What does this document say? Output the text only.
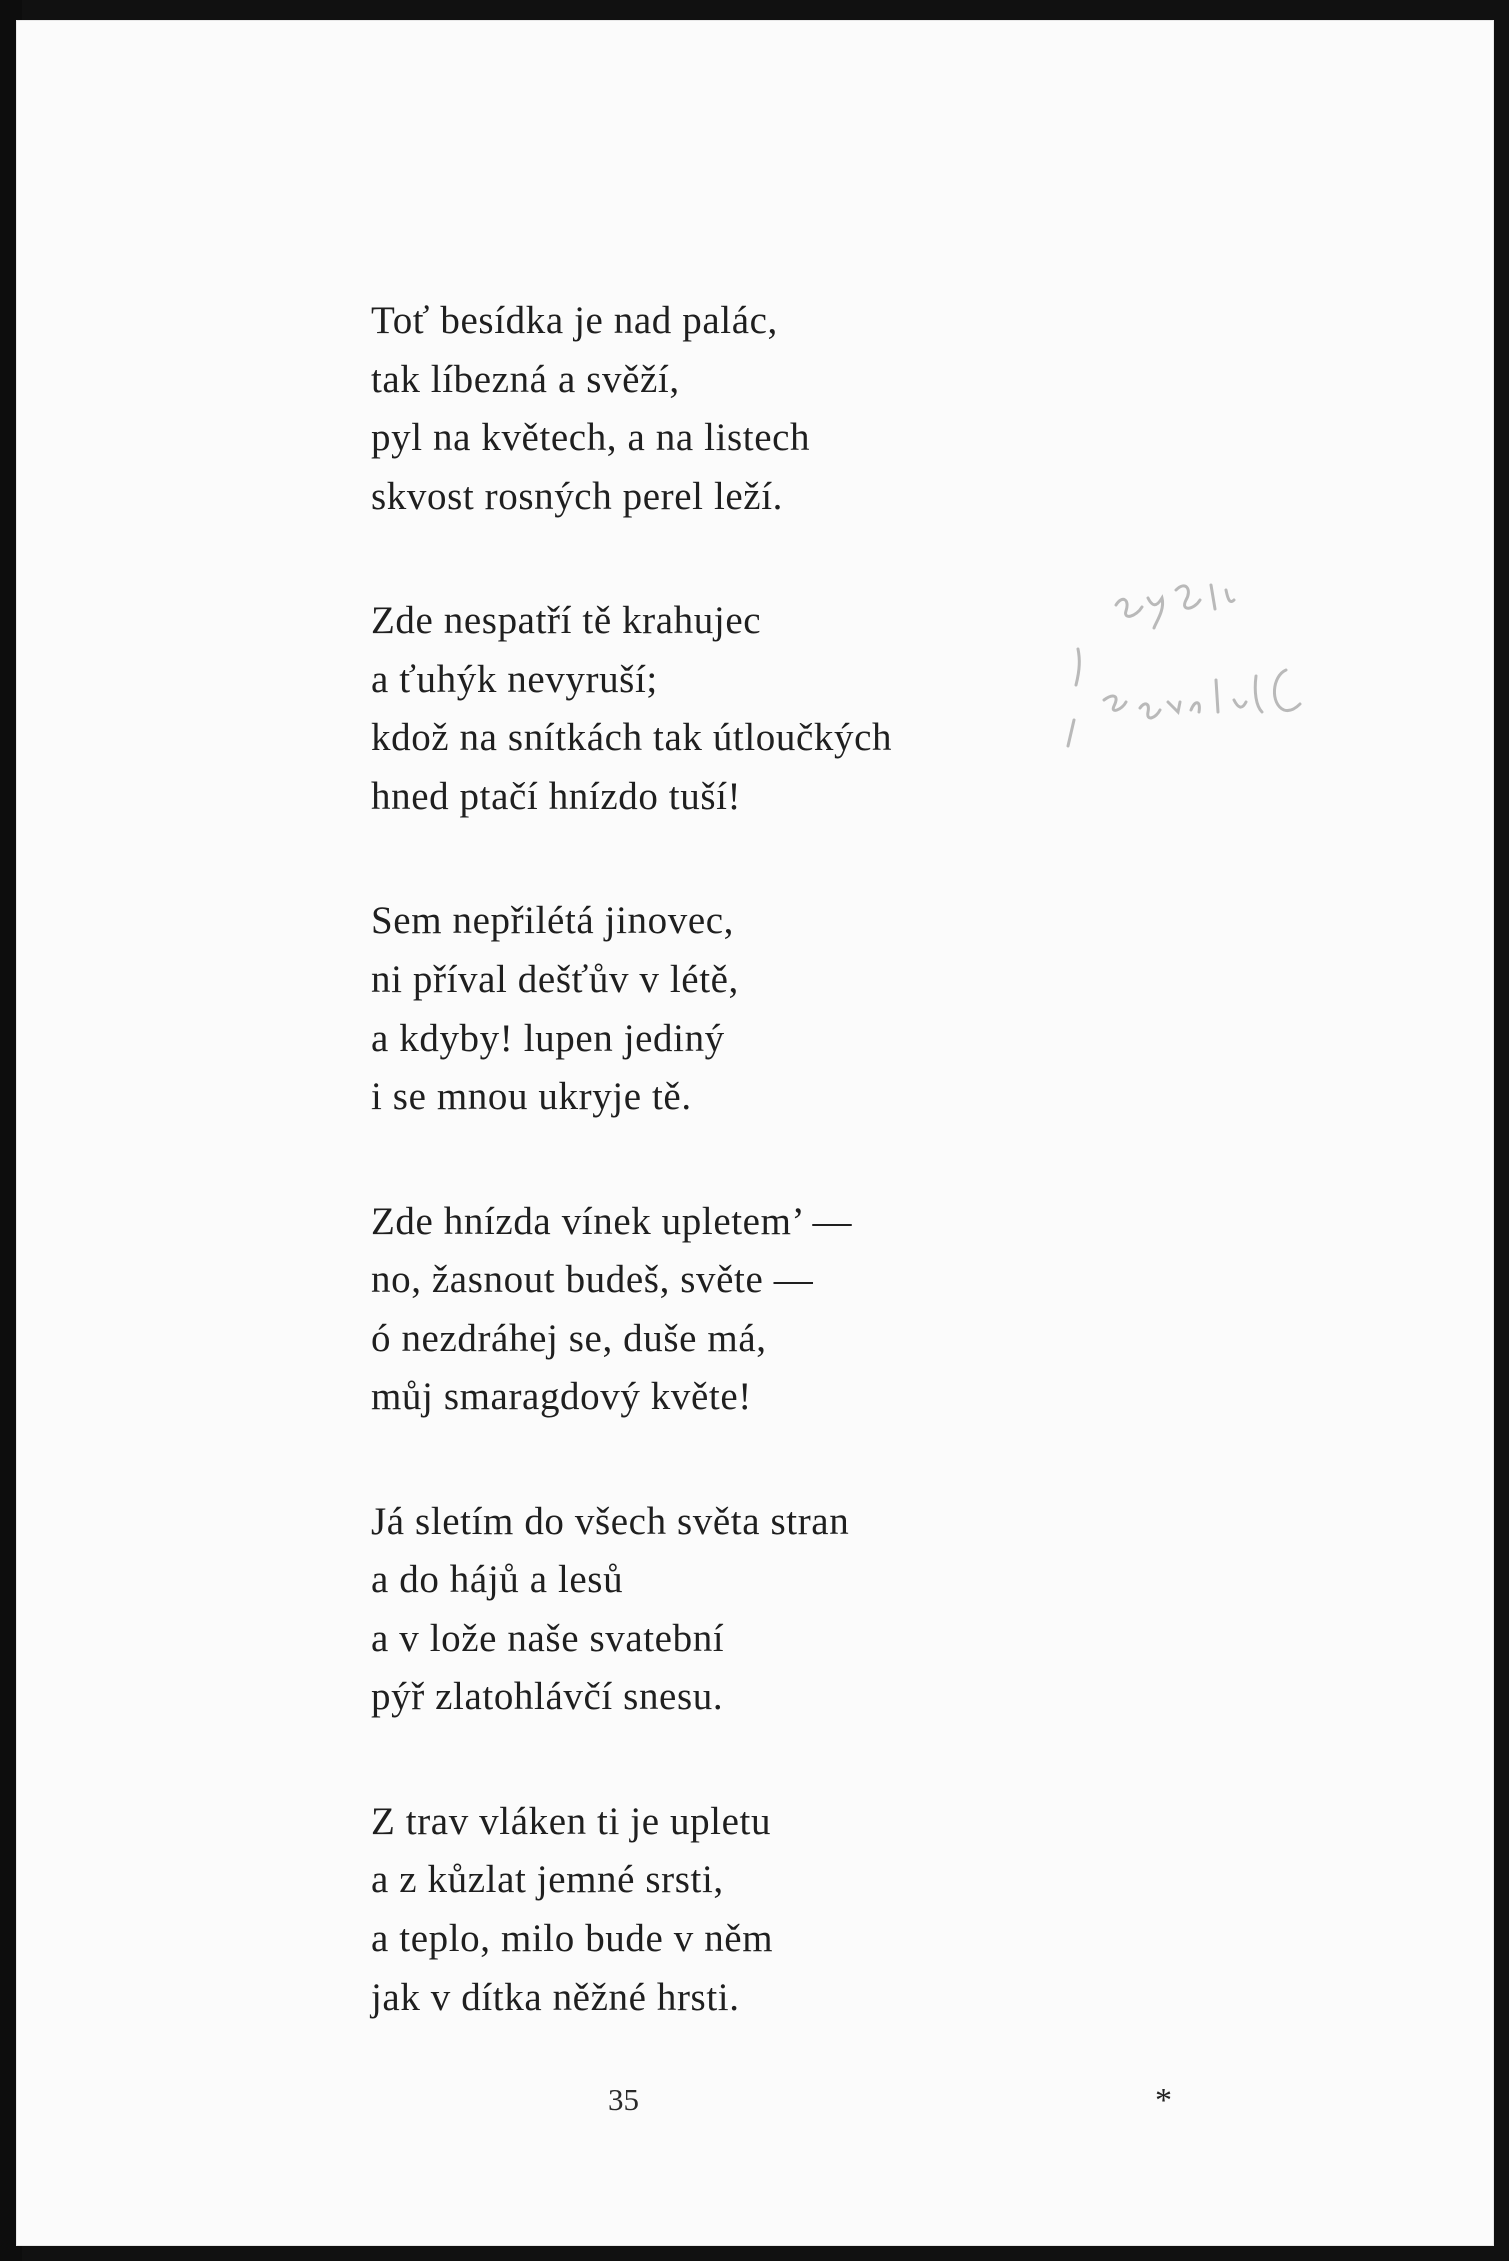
Toť besídka je nad palác,
tak líbezná a svěží,
pyl na květech, a na listech
skvost rosných perel leží.
Zde nespatří tě krahujec
a ťuhýk nevyruší;
kdož na snítkách tak útloučkých
hned ptačí hnízdo tuší!
Sem nepřilétá jinovec,
ni příval dešťův v létě,
a kdyby! lupen jediný
i se mnou ukryje tě.
Zde hnízda vínek upletem’ —
no, žasnout budeš, světe —
ó nezdráhej se, duše má,
můj smaragdový květe!
Já sletím do všech světa stran
a do hájů a lesů
a v lože naše svatební
pýř zlatohlávčí snesu.
Z trav vláken ti je upletu
a z kůzlat jemné srsti,
a teplo, milo bude v něm
jak v dítka něžné hrsti.
35	*
